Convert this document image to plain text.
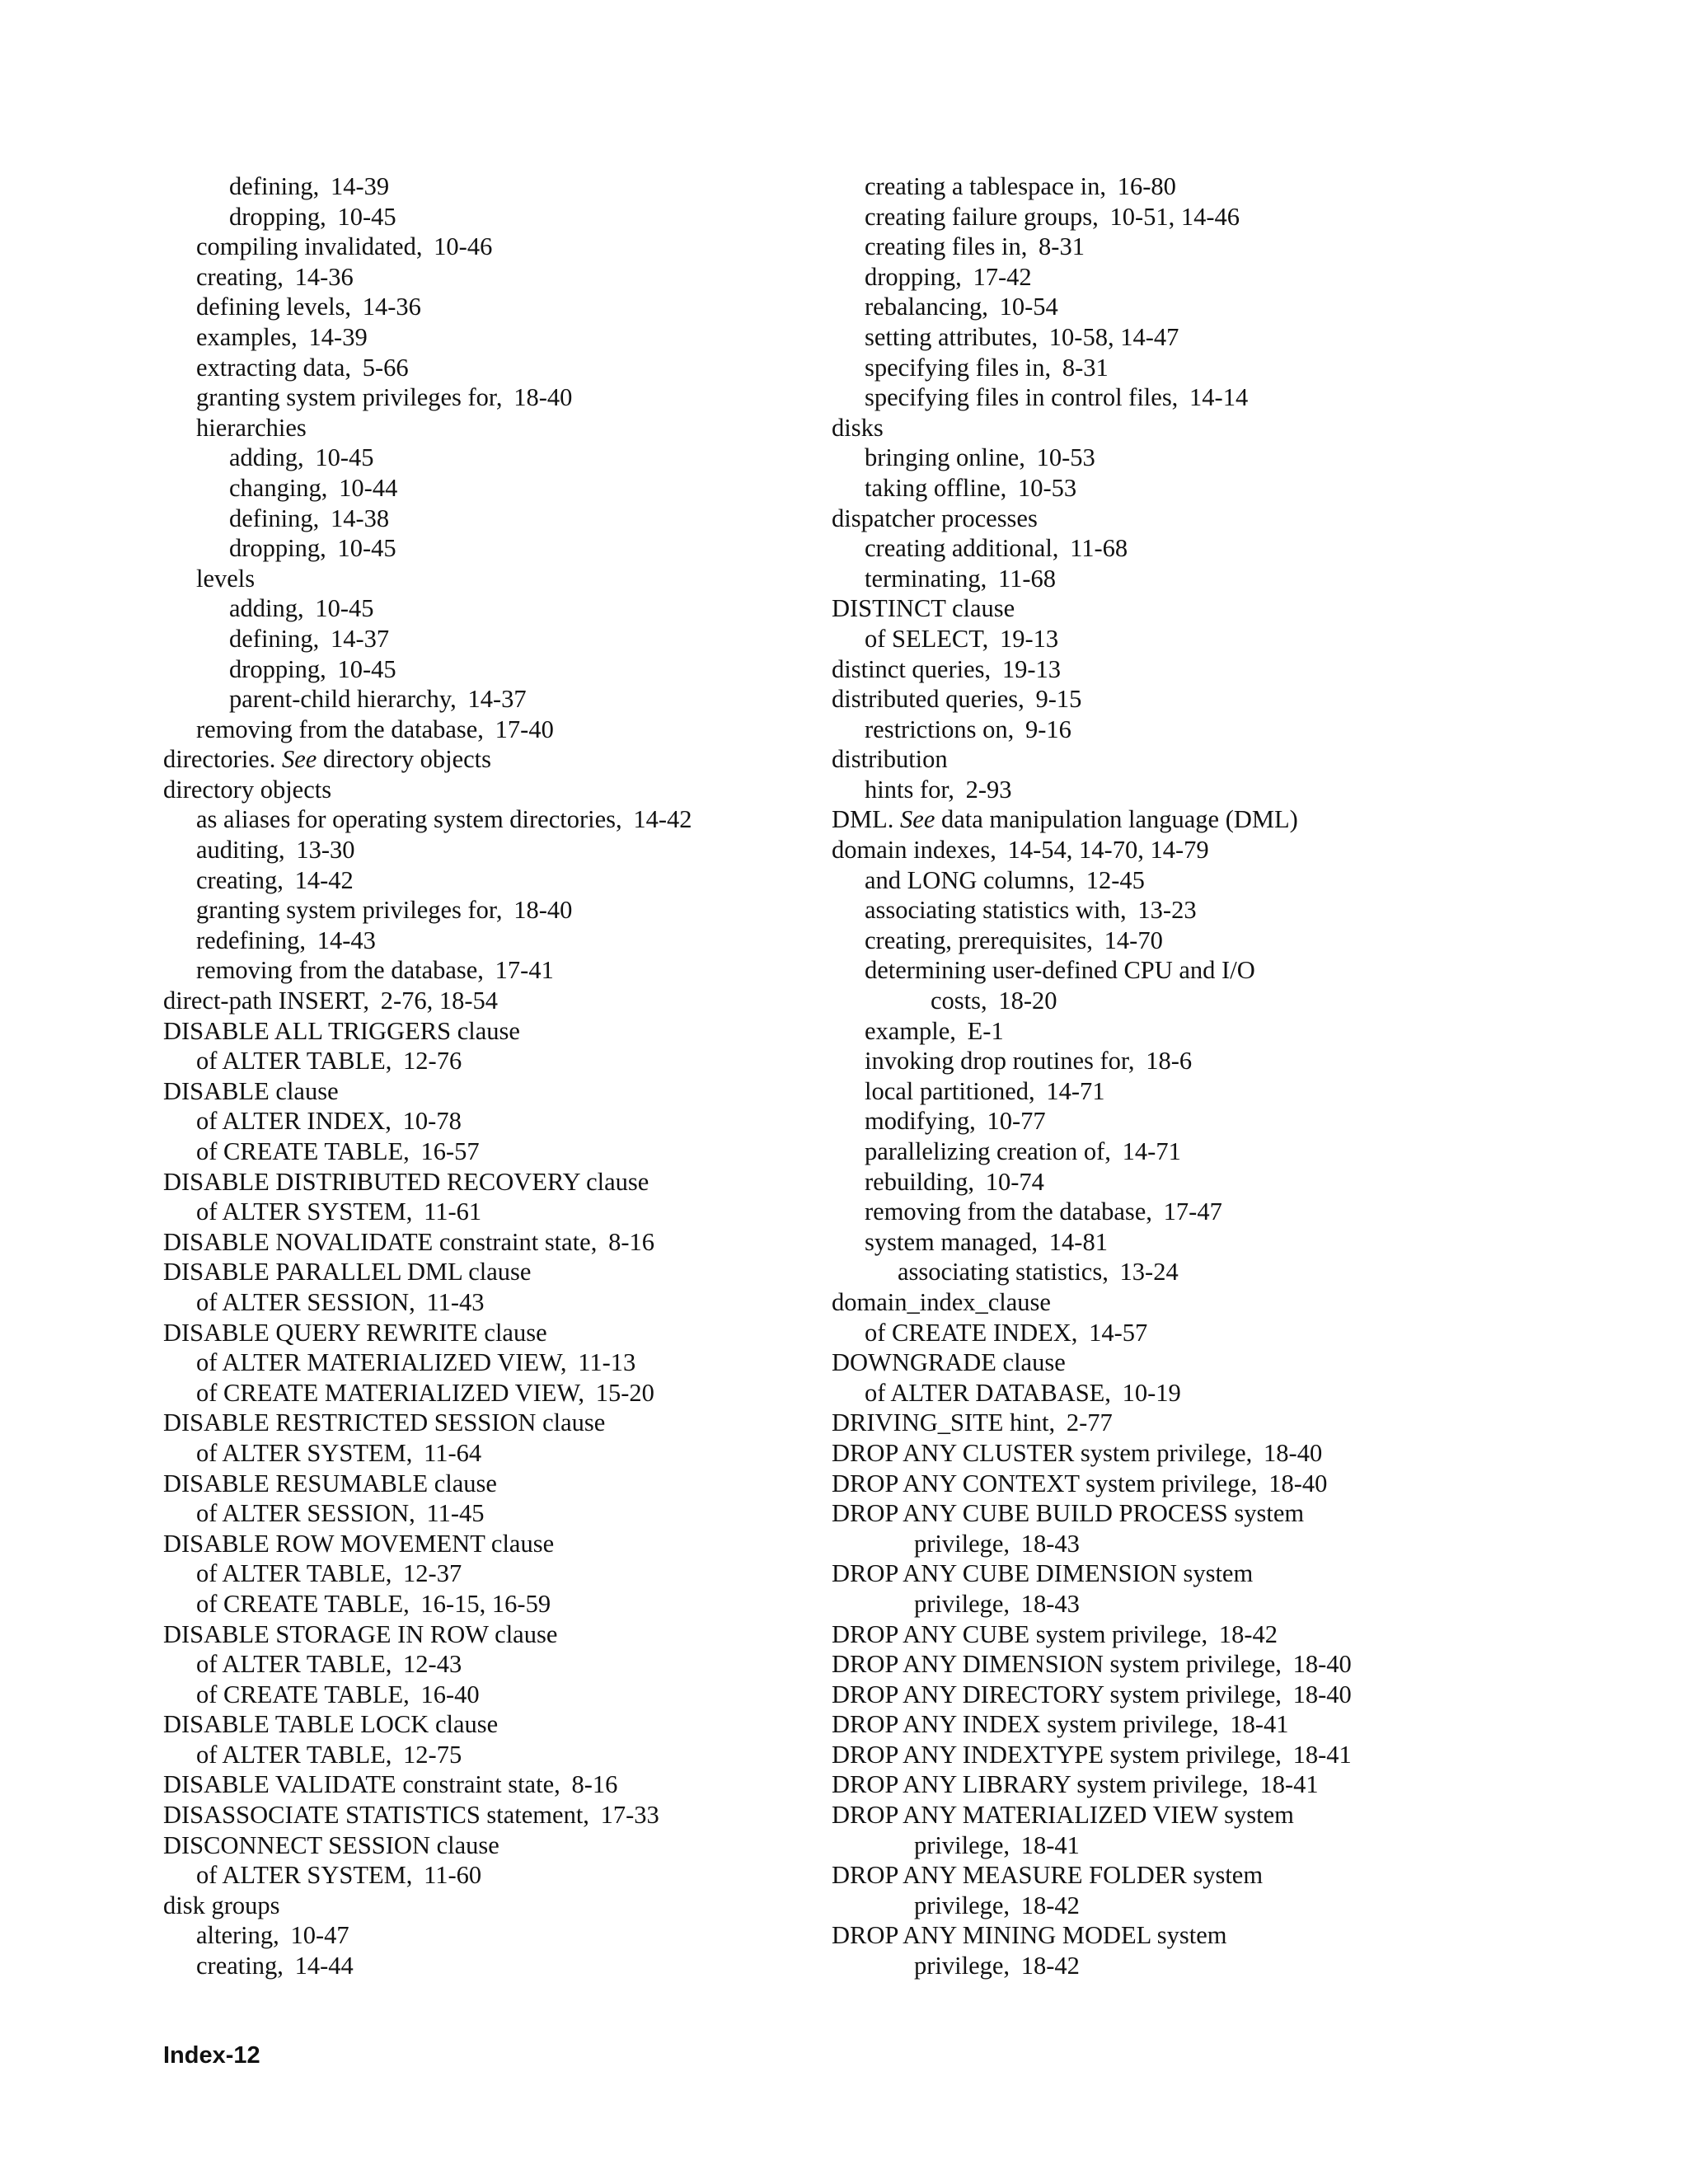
defining, 14-39
dropping, 10-45
compiling invalidated, 10-46
creating, 14-36
defining levels, 14-36
examples, 14-39
extracting data, 5-66
granting system privileges for, 18-40
hierarchies
adding, 10-45
changing, 10-44
defining, 14-38
dropping, 10-45
levels
adding, 10-45
defining, 14-37
dropping, 10-45
parent-child hierarchy, 14-37
removing from the database, 17-40
directories. See directory objects
directory objects
as aliases for operating system directories, 14-42
auditing, 13-30
creating, 14-42
granting system privileges for, 18-40
redefining, 14-43
removing from the database, 17-41
direct-path INSERT, 2-76, 18-54
DISABLE ALL TRIGGERS clause
of ALTER TABLE, 12-76
DISABLE clause
of ALTER INDEX, 10-78
of CREATE TABLE, 16-57
DISABLE DISTRIBUTED RECOVERY clause
of ALTER SYSTEM, 11-61
DISABLE NOVALIDATE constraint state, 8-16
DISABLE PARALLEL DML clause
of ALTER SESSION, 11-43
DISABLE QUERY REWRITE clause
of ALTER MATERIALIZED VIEW, 11-13
of CREATE MATERIALIZED VIEW, 15-20
DISABLE RESTRICTED SESSION clause
of ALTER SYSTEM, 11-64
DISABLE RESUMABLE clause
of ALTER SESSION, 11-45
DISABLE ROW MOVEMENT clause
of ALTER TABLE, 12-37
of CREATE TABLE, 16-15, 16-59
DISABLE STORAGE IN ROW clause
of ALTER TABLE, 12-43
of CREATE TABLE, 16-40
DISABLE TABLE LOCK clause
of ALTER TABLE, 12-75
DISABLE VALIDATE constraint state, 8-16
DISASSOCIATE STATISTICS statement, 17-33
DISCONNECT SESSION clause
of ALTER SYSTEM, 11-60
disk groups
altering, 10-47
creating, 14-44
creating a tablespace in, 16-80
creating failure groups, 10-51, 14-46
creating files in, 8-31
dropping, 17-42
rebalancing, 10-54
setting attributes, 10-58, 14-47
specifying files in, 8-31
specifying files in control files, 14-14
disks
bringing online, 10-53
taking offline, 10-53
dispatcher processes
creating additional, 11-68
terminating, 11-68
DISTINCT clause
of SELECT, 19-13
distinct queries, 19-13
distributed queries, 9-15
restrictions on, 9-16
distribution
hints for, 2-93
DML. See data manipulation language (DML)
domain indexes, 14-54, 14-70, 14-79
and LONG columns, 12-45
associating statistics with, 13-23
creating, prerequisites, 14-70
determining user-defined CPU and I/O
costs, 18-20
example, E-1
invoking drop routines for, 18-6
local partitioned, 14-71
modifying, 10-77
parallelizing creation of, 14-71
rebuilding, 10-74
removing from the database, 17-47
system managed, 14-81
associating statistics, 13-24
domain_index_clause
of CREATE INDEX, 14-57
DOWNGRADE clause
of ALTER DATABASE, 10-19
DRIVING_SITE hint, 2-77
DROP ANY CLUSTER system privilege, 18-40
DROP ANY CONTEXT system privilege, 18-40
DROP ANY CUBE BUILD PROCESS system
privilege, 18-43
DROP ANY CUBE DIMENSION system
privilege, 18-43
DROP ANY CUBE system privilege, 18-42
DROP ANY DIMENSION system privilege, 18-40
DROP ANY DIRECTORY system privilege, 18-40
DROP ANY INDEX system privilege, 18-41
DROP ANY INDEXTYPE system privilege, 18-41
DROP ANY LIBRARY system privilege, 18-41
DROP ANY MATERIALIZED VIEW system
privilege, 18-41
DROP ANY MEASURE FOLDER system
privilege, 18-42
DROP ANY MINING MODEL system
privilege, 18-42
Index-12
